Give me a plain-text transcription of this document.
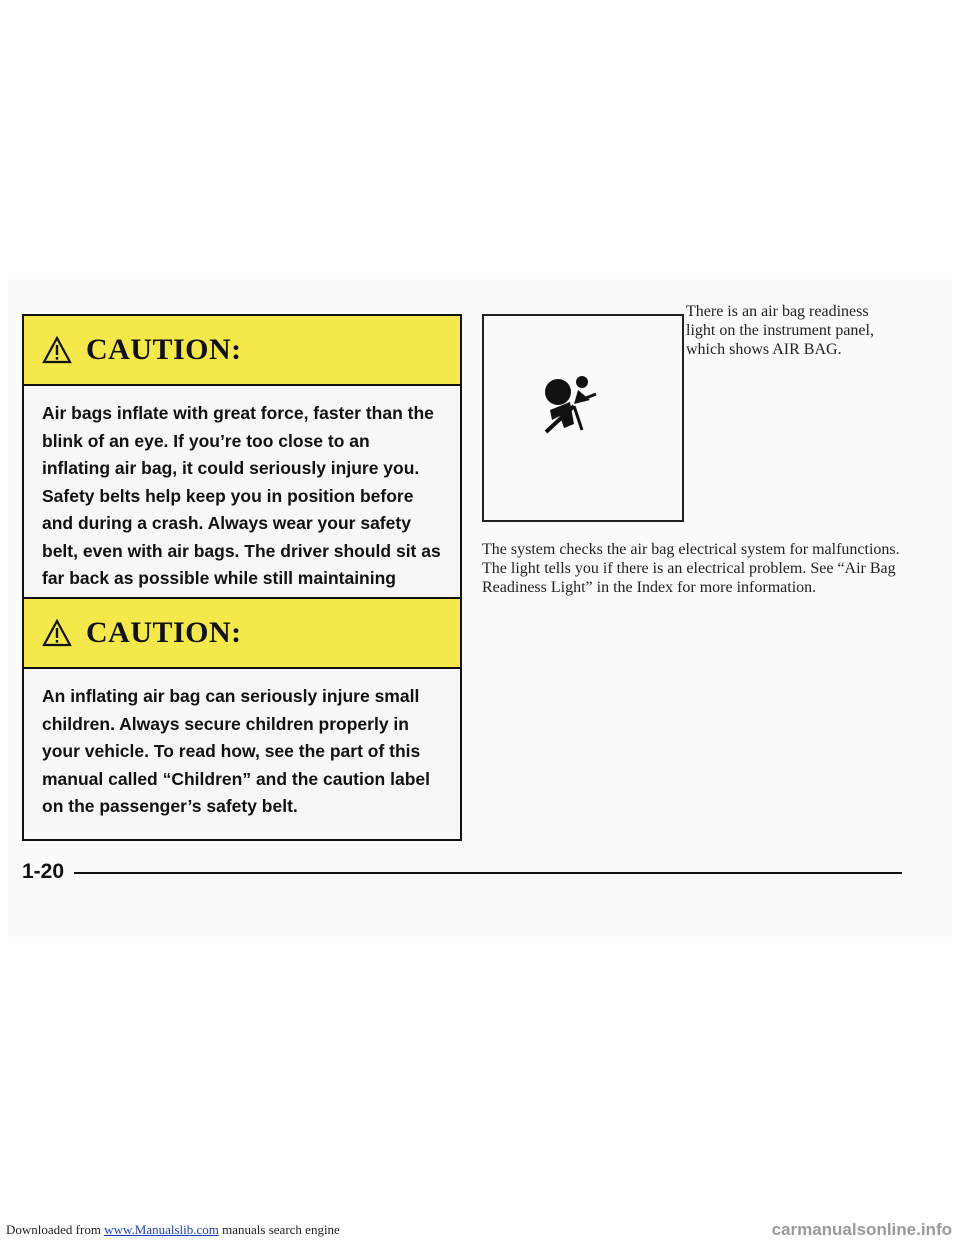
CAUTION:
Air bags inflate with great force, faster than the blink of an eye. If you’re too close to an inflating air bag, it could seriously injure you. Safety belts help keep you in position before and during a crash. Always wear your safety belt, even with air bags. The driver should sit as far back as possible while still maintaining
CAUTION:
An inflating air bag can seriously injure small children. Always secure children properly in your vehicle. To read how, see the part of this manual called “Children” and the caution label on the passenger’s safety belt.
There is an air bag readiness light on the instrument panel, which shows AIR BAG.
The system checks the air bag electrical system for malfunctions. The light tells you if there is an electrical problem. See “Air Bag Readiness Light” in the Index for more information.
1-20
Downloaded from www.Manualslib.com manuals search engine	carmanualsonline.info
